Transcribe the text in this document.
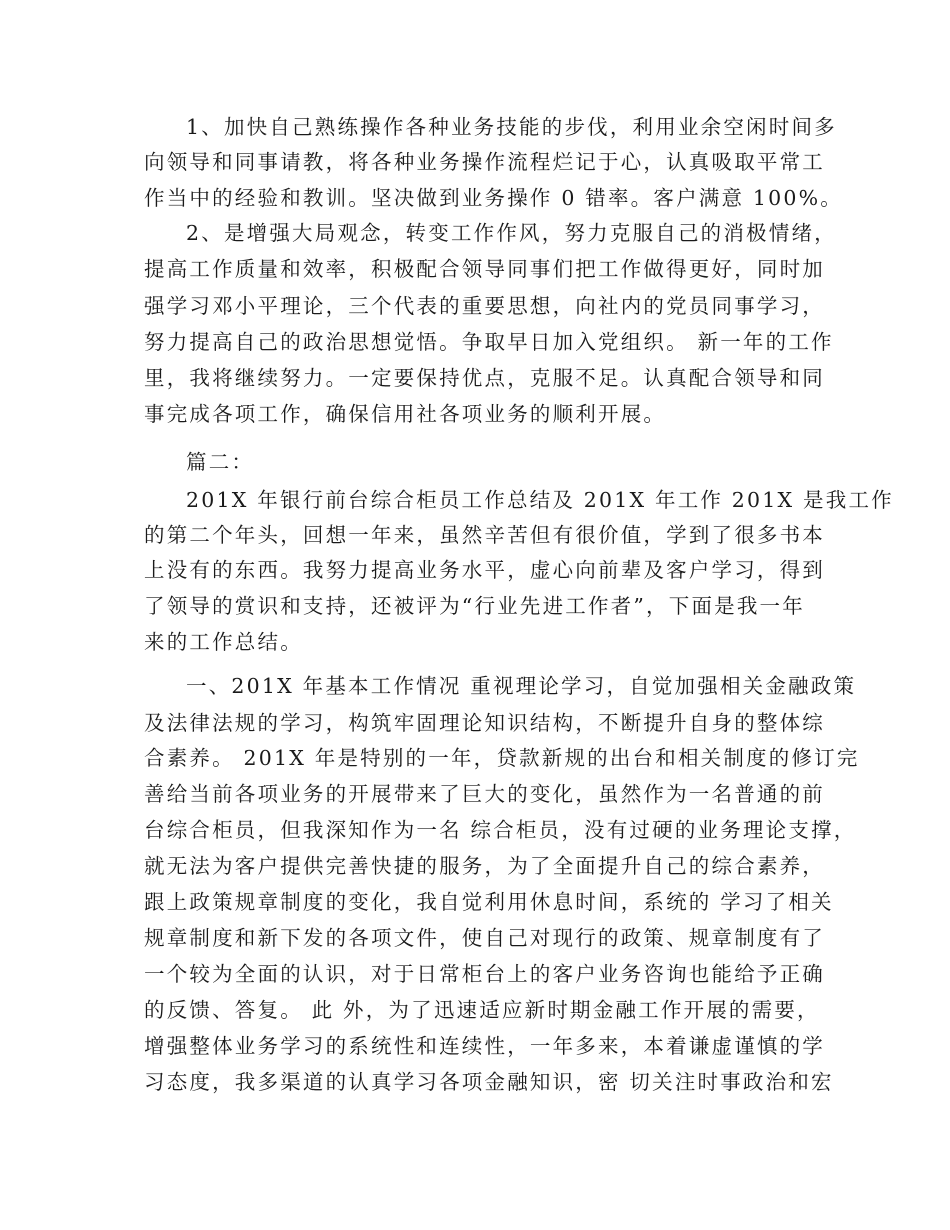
1、加快自己熟练操作各种业务技能的步伐，利用业余空闲时间多
向领导和同事请教，将各种业务操作流程烂记于心，认真吸取平常工
作当中的经验和教训。坚决做到业务操作 0 错率。客户满意 100%。
2、是增强大局观念，转变工作作风，努力克服自己的消极情绪，
提高工作质量和效率，积极配合领导同事们把工作做得更好，同时加
强学习邓小平理论，三个代表的重要思想，向社内的党员同事学习，
努力提高自己的政治思想觉悟。争取早日加入党组织。 新一年的工作
里，我将继续努力。一定要保持优点，克服不足。认真配合领导和同
事完成各项工作，确保信用社各项业务的顺利开展。
篇二：
201X 年银行前台综合柜员工作总结及 201X 年工作 201X 是我工作
的第二个年头，回想一年来，虽然辛苦但有很价值，学到了很多书本
上没有的东西。我努力提高业务水平，虚心向前辈及客户学习，得到
了领导的赏识和支持，还被评为“行业先进工作者”，下面是我一年
来的工作总结。
一、201X 年基本工作情况 重视理论学习，自觉加强相关金融政策
及法律法规的学习，构筑牢固理论知识结构，不断提升自身的整体综
合素养。 201X 年是特别的一年，贷款新规的出台和相关制度的修订完
善给当前各项业务的开展带来了巨大的变化，虽然作为一名普通的前
台综合柜员，但我深知作为一名 综合柜员，没有过硬的业务理论支撑，
就无法为客户提供完善快捷的服务，为了全面提升自己的综合素养，
跟上政策规章制度的变化，我自觉利用休息时间，系统的 学习了相关
规章制度和新下发的各项文件，使自己对现行的政策、规章制度有了
一个较为全面的认识，对于日常柜台上的客户业务咨询也能给予正确
的反馈、答复。 此 外，为了迅速适应新时期金融工作开展的需要，
增强整体业务学习的系统性和连续性，一年多来，本着谦虚谨慎的学
习态度，我多渠道的认真学习各项金融知识，密 切关注时事政治和宏
